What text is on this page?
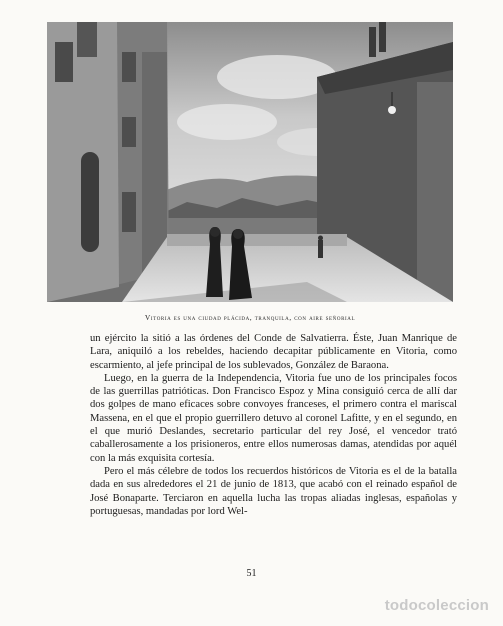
Vitoria es una ciudad plácida, tranquila, con aire señorial

un ejército la sitió a las órdenes del Conde de Salvatierra. Éste, Juan Manrique de Lara, aniquiló a los rebeldes, haciendo decapitar públicamente en Vitoria, como escarmiento, al jefe principal de los sublevados, González de Baraona.

Luego, en la guerra de la Independencia, Vitoria fue uno de los principales focos de las guerrillas patrióticas. Don Francisco Espoz y Mina consiguió cerca de allí dar dos golpes de mano eficaces sobre convoyes franceses, el primero contra el mariscal Massena, en el que el propio guerrillero detuvo al coronel Lafitte, y en el segundo, en el que murió Deslandes, secretario particular del rey José, el vencedor trató caballerosamente a los prisioneros, entre ellos numerosas damas, atendidas por aquél con la más exquisita cortesía.

Pero el más célebre de todos los recuerdos históricos de Vitoria es el de la batalla dada en sus alrededores el 21 de junio de 1813, que acabó con el reinado español de José Bonaparte. Terciaron en aquella lucha las tropas aliadas inglesas, españolas y portuguesas, mandadas por lord Wel-

51
todocoleccion
